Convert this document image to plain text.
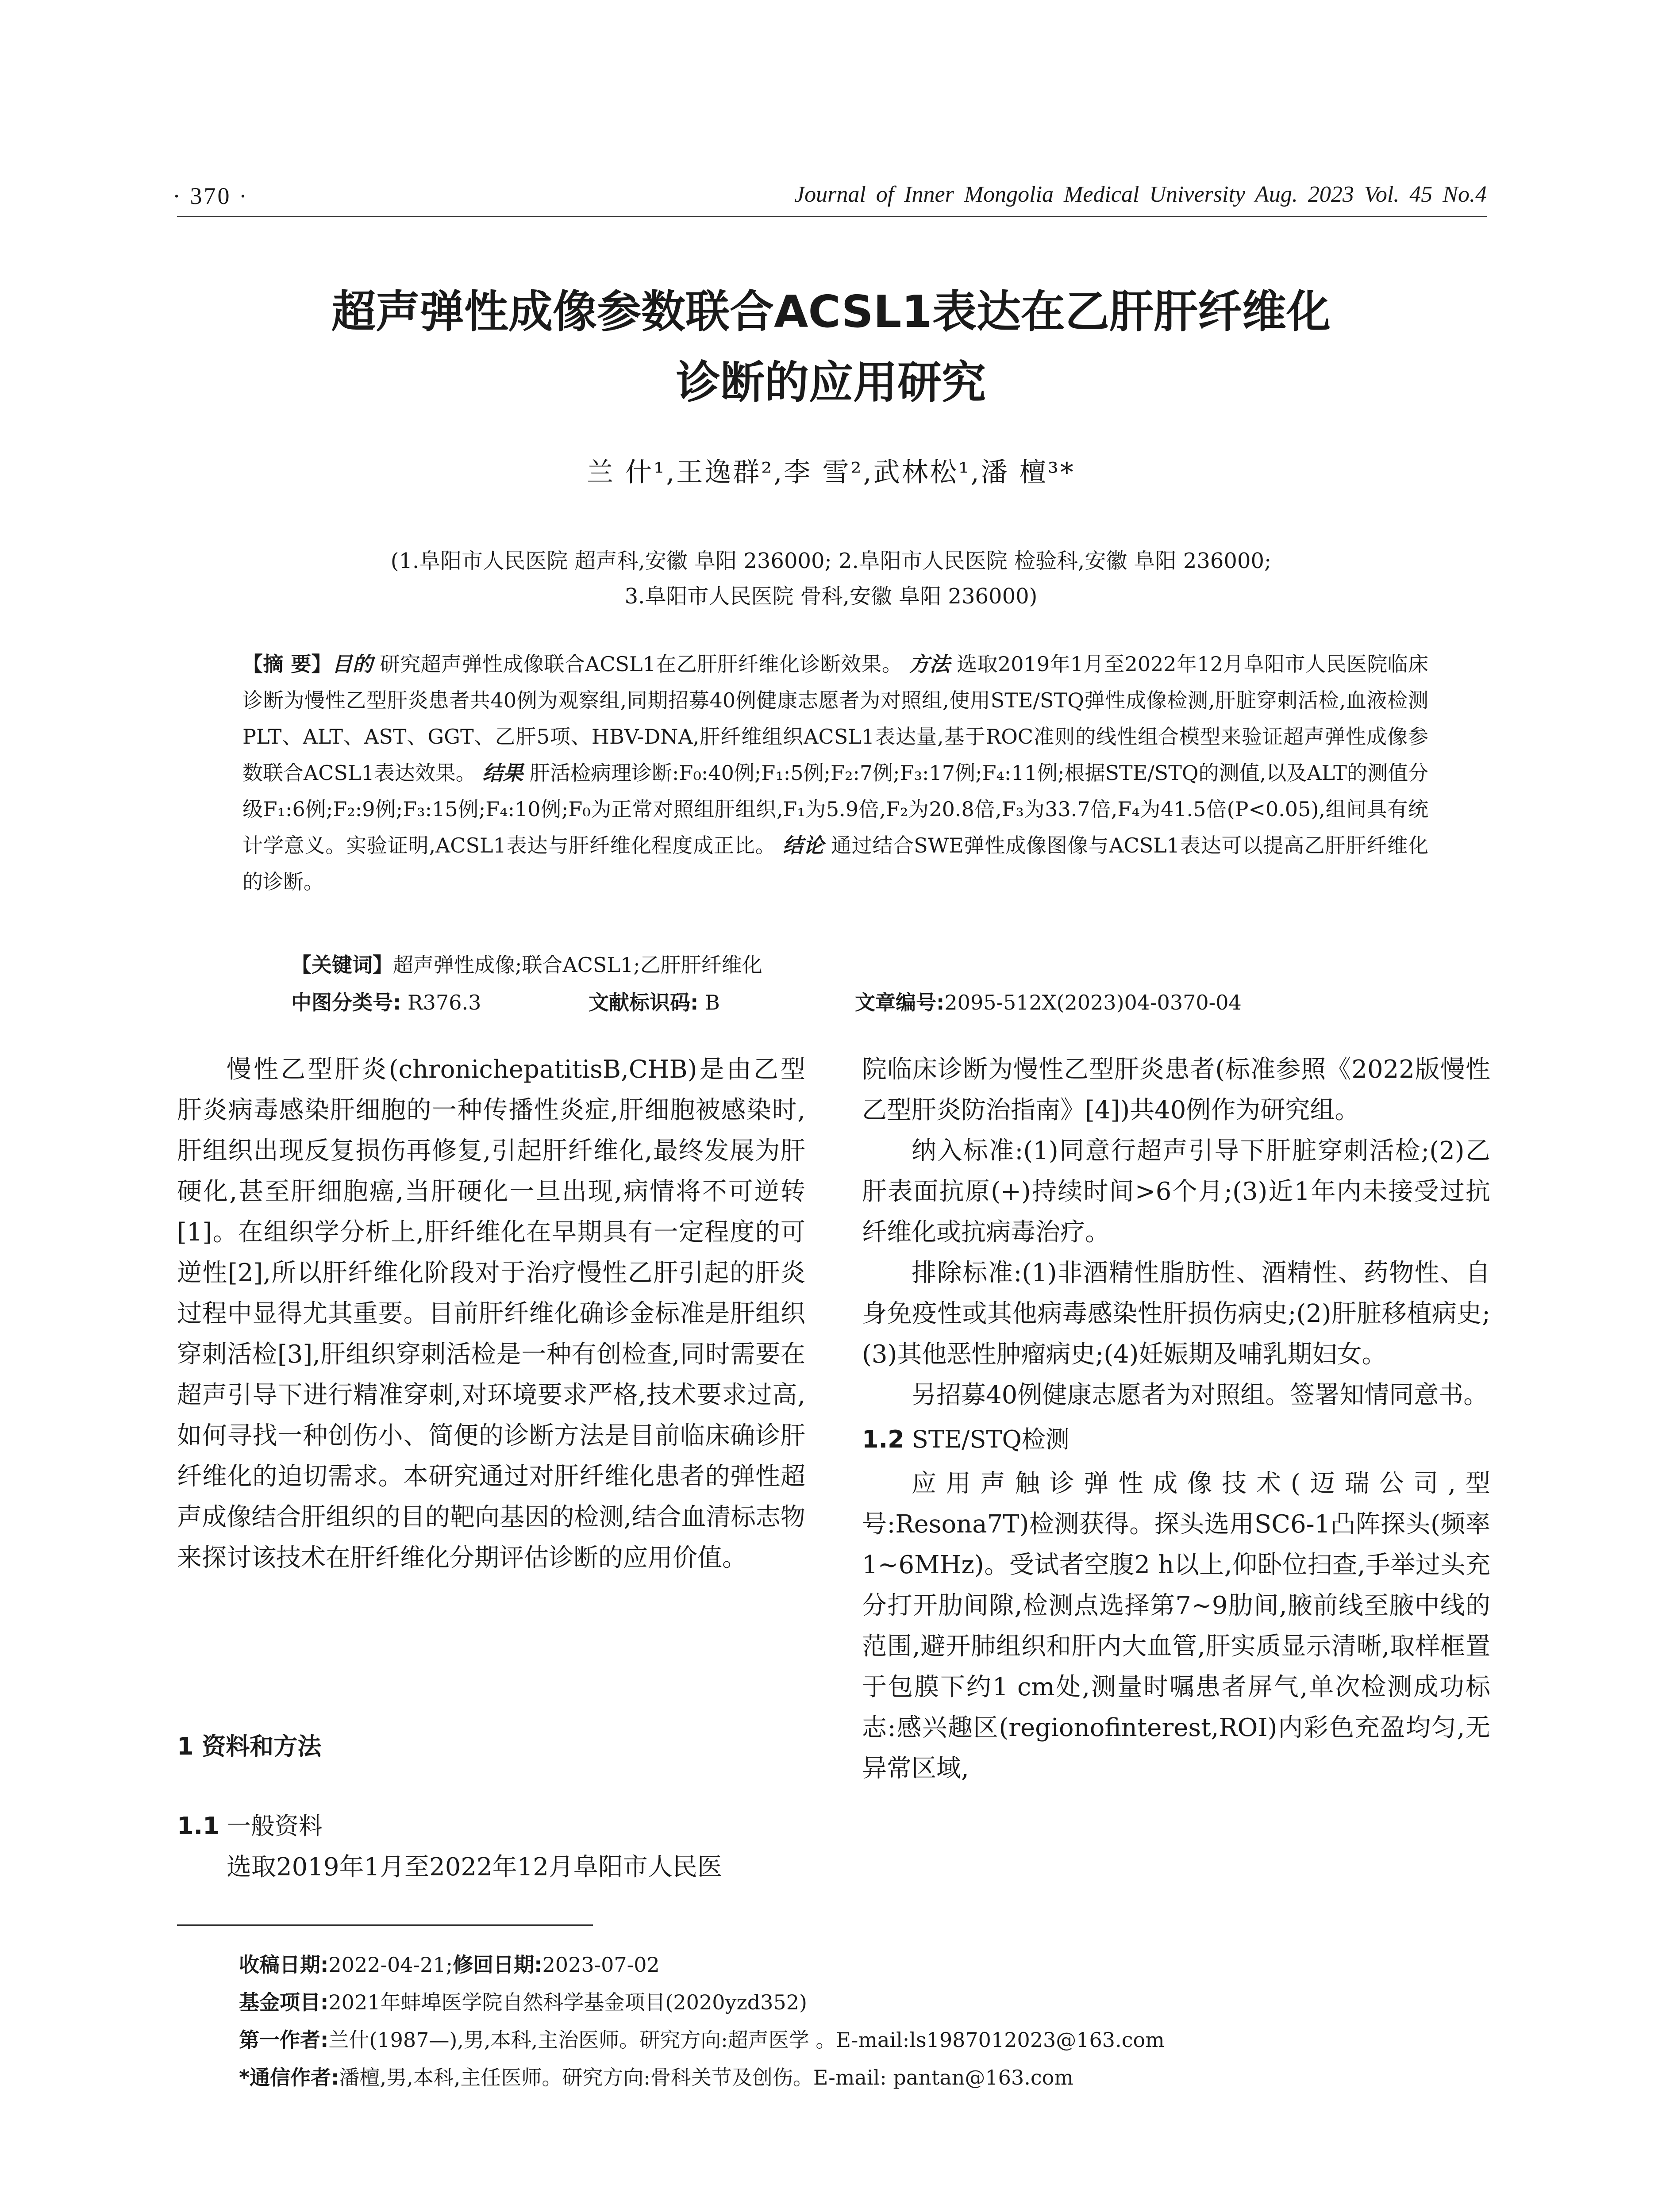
· 370 ·	Journal of Inner Mongolia Medical University Aug. 2023 Vol. 45 No.4
超声弹性成像参数联合ACSL1表达在乙肝肝纤维化
诊断的应用研究
兰 什¹,王逸群²,李 雪²,武林松¹,潘 檀³*
(1.阜阳市人民医院 超声科,安徽 阜阳 236000; 2.阜阳市人民医院 检验科,安徽 阜阳 236000;
3.阜阳市人民医院 骨科,安徽 阜阳 236000)
【摘 要】目的 研究超声弹性成像联合ACSL1在乙肝肝纤维化诊断效果。 方法 选取2019年1月至2022年12月阜阳市人民医院临床诊断为慢性乙型肝炎患者共40例为观察组,同期招募40例健康志愿者为对照组,使用STE/STQ弹性成像检测,肝脏穿刺活检,血液检测PLT、ALT、AST、GGT、乙肝5项、HBV-DNA,肝纤维组织ACSL1表达量,基于ROC准则的线性组合模型来验证超声弹性成像参数联合ACSL1表达效果。 结果 肝活检病理诊断:F₀:40例;F₁:5例;F₂:7例;F₃:17例;F₄:11例;根据STE/STQ的测值,以及ALT的测值分级F₁:6例;F₂:9例;F₃:15例;F₄:10例;F₀为正常对照组肝组织,F₁为5.9倍,F₂为20.8倍,F₃为33.7倍,F₄为41.5倍(P<0.05),组间具有统计学意义。实验证明,ACSL1表达与肝纤维化程度成正比。 结论 通过结合SWE弹性成像图像与ACSL1表达可以提高乙肝肝纤维化的诊断。
【关键词】超声弹性成像;联合ACSL1;乙肝肝纤维化
中图分类号: R376.3	文献标识码: B	文章编号:2095-512X(2023)04-0370-04

慢性乙型肝炎(chronichepatitisB,CHB)是由乙型肝炎病毒感染肝细胞的一种传播性炎症,肝细胞被感染时,肝组织出现反复损伤再修复,引起肝纤维化,最终发展为肝硬化,甚至肝细胞癌,当肝硬化一旦出现,病情将不可逆转[1]。在组织学分析上,肝纤维化在早期具有一定程度的可逆性[2],所以肝纤维化阶段对于治疗慢性乙肝引起的肝炎过程中显得尤其重要。目前肝纤维化确诊金标准是肝组织穿刺活检[3],肝组织穿刺活检是一种有创检查,同时需要在超声引导下进行精准穿刺,对环境要求严格,技术要求过高,如何寻找一种创伤小、简便的诊断方法是目前临床确诊肝纤维化的迫切需求。本研究通过对肝纤维化患者的弹性超声成像结合肝组织的目的靶向基因的检测,结合血清标志物来探讨该技术在肝纤维化分期评估诊断的应用价值。

1 资料和方法
1.1 一般资料
选取2019年1月至2022年12月阜阳市人民医
院临床诊断为慢性乙型肝炎患者(标准参照《2022版慢性乙型肝炎防治指南》[4])共40例作为研究组。

纳入标准:(1)同意行超声引导下肝脏穿刺活检;(2)乙肝表面抗原(+)持续时间>6个月;(3)近1年内未接受过抗纤维化或抗病毒治疗。

排除标准:(1)非酒精性脂肪性、酒精性、药物性、自身免疫性或其他病毒感染性肝损伤病史;(2)肝脏移植病史;(3)其他恶性肿瘤病史;(4)妊娠期及哺乳期妇女。

另招募40例健康志愿者为对照组。签署知情同意书。

1.2 STE/STQ检测

应用声触诊弹性成像技术(迈瑞公司,型号:Resona7T)检测获得。探头选用SC6-1凸阵探头(频率1~6MHz)。受试者空腹2 h以上,仰卧位扫查,手举过头充分打开肋间隙,检测点选择第7~9肋间,腋前线至腋中线的范围,避开肺组织和肝内大血管,肝实质显示清晰,取样框置于包膜下约1 cm处,测量时嘱患者屏气,单次检测成功标志:感兴趣区(regionofinterest,ROI)内彩色充盈均匀,无异常区域,

收稿日期:2022-04-21;修回日期:2023-07-02
基金项目:2021年蚌埠医学院自然科学基金项目(2020yzd352)
第一作者:兰什(1987—),男,本科,主治医师。研究方向:超声医学 。E-mail:ls1987012023@163.com
*通信作者:潘檀,男,本科,主任医师。研究方向:骨科关节及创伤。E-mail: pantan@163.com
